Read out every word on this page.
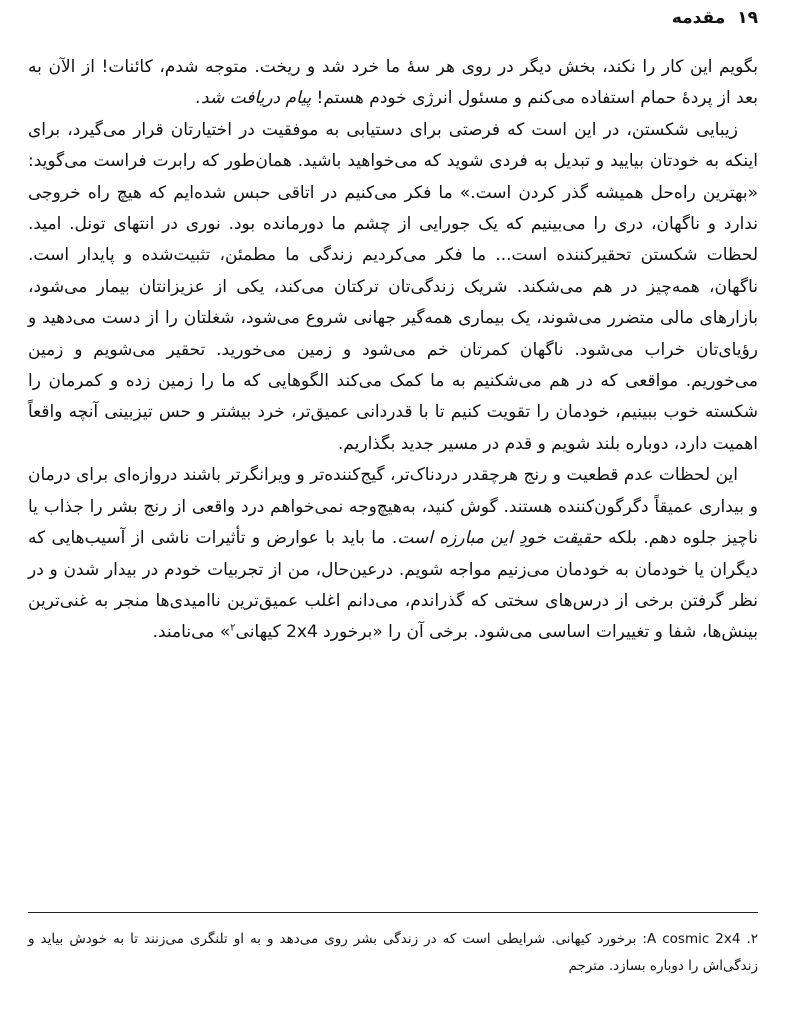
۱۹
مقدمه

بگویم این کار را نکند، بخش دیگر در روی هر سهٔ ما خرد شد و ریخت. متوجه شدم، کائنات! از الآن به بعد از پردهٔ حمام استفاده می‌کنم و مسئول انرژی خودم هستم! پیام دریافت شد.

زیبایی شکستن، در این است که فرصتی برای دستیابی به موفقیت در اختیارتان قرار می‌گیرد، برای اینکه به خودتان بیایید و تبدیل به فردی شوید که می‌خواهید باشید. همان‌طور که رابرت فراست می‌گوید: «بهترین راه‌حل همیشه گذر کردن است.» ما فکر می‌کنیم در اتاقی حبس شده‌ایم که هیچ راه خروجی ندارد و ناگهان، دری را می‌بینیم که یک جورایی از چشم ما دورمانده بود. نوری در انتهای تونل. امید. لحظات شکستن تحقیرکننده است... ما فکر می‌کردیم زندگی ما مطمئن، تثبیت‌شده و پایدار است. ناگهان، همه‌چیز در هم می‌شکند. شریک زندگی‌تان ترکتان می‌کند، یکی از عزیزانتان بیمار می‌شود، بازارهای مالی متضرر می‌شوند، یک بیماری همه‌گیر جهانی شروع می‌شود، شغلتان را از دست می‌دهید و رؤیای‌تان خراب می‌شود. ناگهان کمرتان خم می‌شود و زمین می‌خورید. تحقیر می‌شویم و زمین می‌خوریم. مواقعی که در هم می‌شکنیم به ما کمک می‌کند الگوهایی که ما را زمین زده و کمرمان را شکسته خوب ببینیم، خودمان را تقویت کنیم تا با قدردانی عمیق‌تر، خرد بیشتر و حس تیزبینی آنچه واقعاً اهمیت دارد، دوباره بلند شویم و قدم در مسیر جدید بگذاریم.

این لحظات عدم قطعیت و رنج هرچقدر دردناک‌تر، گیج‌کننده‌تر و ویرانگرتر باشند دروازه‌ای برای درمان و بیداری عمیقاً دگرگون‌کننده هستند. گوش کنید، به‌هیچ‌وجه نمی‌خواهم درد واقعی از رنج بشر را جذاب یا ناچیز جلوه دهم. بلکه حقیقت خودِ این مبارزه است. ما باید با عوارض و تأثیرات ناشی از آسیب‌هایی که دیگران یا خودمان به خودمان می‌زنیم مواجه شویم. درعین‌حال، من از تجربیات خودم در بیدار شدن و در نظر گرفتن برخی از درس‌های سختی که گذراندم، می‌دانم اغلب عمیق‌ترین ناامیدی‌ها منجر به غنی‌ترین بینش‌ها، شفا و تغییرات اساسی می‌شود. برخی آن را «برخورد 2x4 کیهانی$^۲$» می‌نامند.

۲. A cosmic 2x4: برخورد کیهانی. شرایطی است که در زندگی بشر روی می‌دهد و به او تلنگری می‌زنند تا به خودش بیاید و زندگی‌اش را دوباره بسازد. مترجم
